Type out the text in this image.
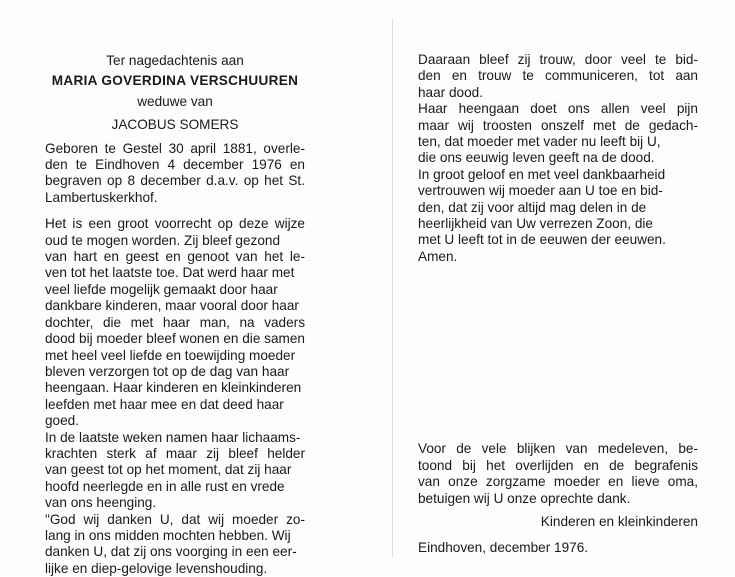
Ter nagedachtenis aan

MARIA GOVERDINA VERSCHUUREN

weduwe van

JACOBUS SOMERS

Geboren te Gestel 30 april 1881, overle-
den te Eindhoven 4 december 1976 en
begraven op 8 december d.a.v. op het St.
Lambertuskerkhof.
Het is een groot voorrecht op deze wijze
oud te mogen worden. Zij bleef gezond
van hart en geest en genoot van het le-
ven tot het laatste toe. Dat werd haar met
veel liefde mogelijk gemaakt door haar
dankbare kinderen, maar vooral door haar
dochter, die met haar man, na vaders
dood bij moeder bleef wonen en die samen
met heel veel liefde en toewijding moeder
bleven verzorgen tot op de dag van haar
heengaan. Haar kinderen en kleinkinderen
leefden met haar mee en dat deed haar
goed.
In de laatste weken namen haar lichaams-
krachten sterk af maar zij bleef helder
van geest tot op het moment, dat zij haar
hoofd neerlegde en in alle rust en vrede
van ons heenging.
"God wij danken U, dat wij moeder zo-
lang in ons midden mochten hebben. Wij
danken U, dat zij ons voorging in een eer-
lijke en diep-gelovige levenshouding.
Daaraan bleef zij trouw, door veel te bid-
den en trouw te communiceren, tot aan
haar dood.
Haar heengaan doet ons allen veel pijn
maar wij troosten onszelf met de gedach-
ten, dat moeder met vader nu leeft bij U,
die ons eeuwig leven geeft na de dood.
In groot geloof en met veel dankbaarheid
vertrouwen wij moeder aan U toe en bid-
den, dat zij voor altijd mag delen in de
heerlijkheid van Uw verrezen Zoon, die
met U leeft tot in de eeuwen der eeuwen.
Amen.
Voor de vele blijken van medeleven, be-
toond bij het overlijden en de begrafenis
van onze zorgzame moeder en lieve oma,
betuigen wij U onze oprechte dank.
Kinderen en kleinkinderen
Eindhoven, december 1976.
